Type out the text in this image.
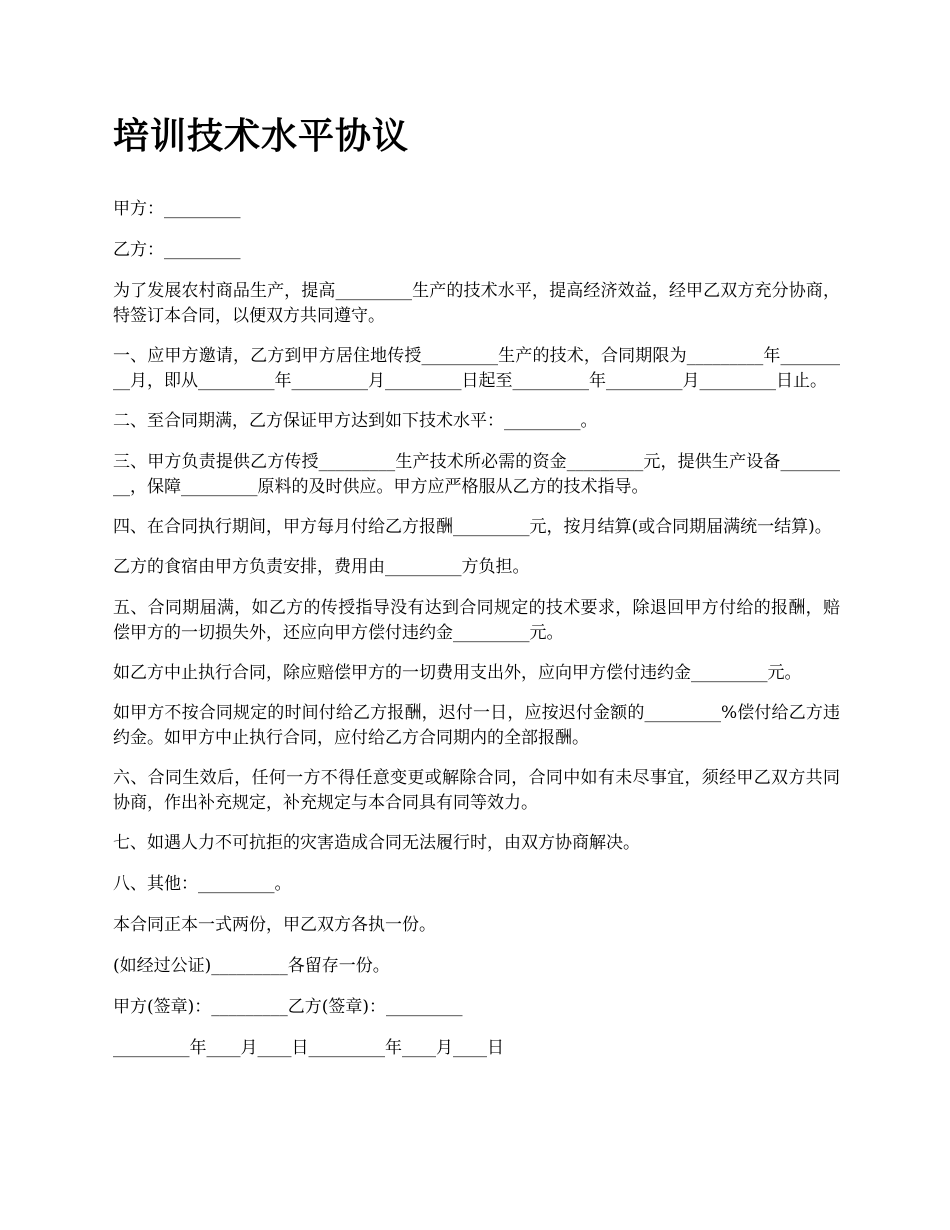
培训技术水平协议

甲方：_________

乙方：_________

为了发展农村商品生产，提高_________生产的技术水平，提高经济效益，经甲乙双方充分协商，特签订本合同，以便双方共同遵守。

一、应甲方邀请，乙方到甲方居住地传授_________生产的技术，合同期限为_________年_________月，即从_________年_________月_________日起至_________年_________月_________日止。

二、至合同期满，乙方保证甲方达到如下技术水平：_________。

三、甲方负责提供乙方传授_________生产技术所必需的资金_________元，提供生产设备_________，保障_________原料的及时供应。甲方应严格服从乙方的技术指导。

四、在合同执行期间，甲方每月付给乙方报酬_________元，按月结算(或合同期届满统一结算)。

乙方的食宿由甲方负责安排，费用由_________方负担。

五、合同期届满，如乙方的传授指导没有达到合同规定的技术要求，除退回甲方付给的报酬，赔偿甲方的一切损失外，还应向甲方偿付违约金_________元。

如乙方中止执行合同，除应赔偿甲方的一切费用支出外，应向甲方偿付违约金_________元。

如甲方不按合同规定的时间付给乙方报酬，迟付一日，应按迟付金额的_________%偿付给乙方违约金。如甲方中止执行合同，应付给乙方合同期内的全部报酬。

六、合同生效后，任何一方不得任意变更或解除合同，合同中如有未尽事宜，须经甲乙双方共同协商，作出补充规定，补充规定与本合同具有同等效力。

七、如遇人力不可抗拒的灾害造成合同无法履行时，由双方协商解决。

八、其他：_________。

本合同正本一式两份，甲乙双方各执一份。

(如经过公证)_________各留存一份。

甲方(签章)：_________乙方(签章)：_________

_________年____月____日_________年____月____日
